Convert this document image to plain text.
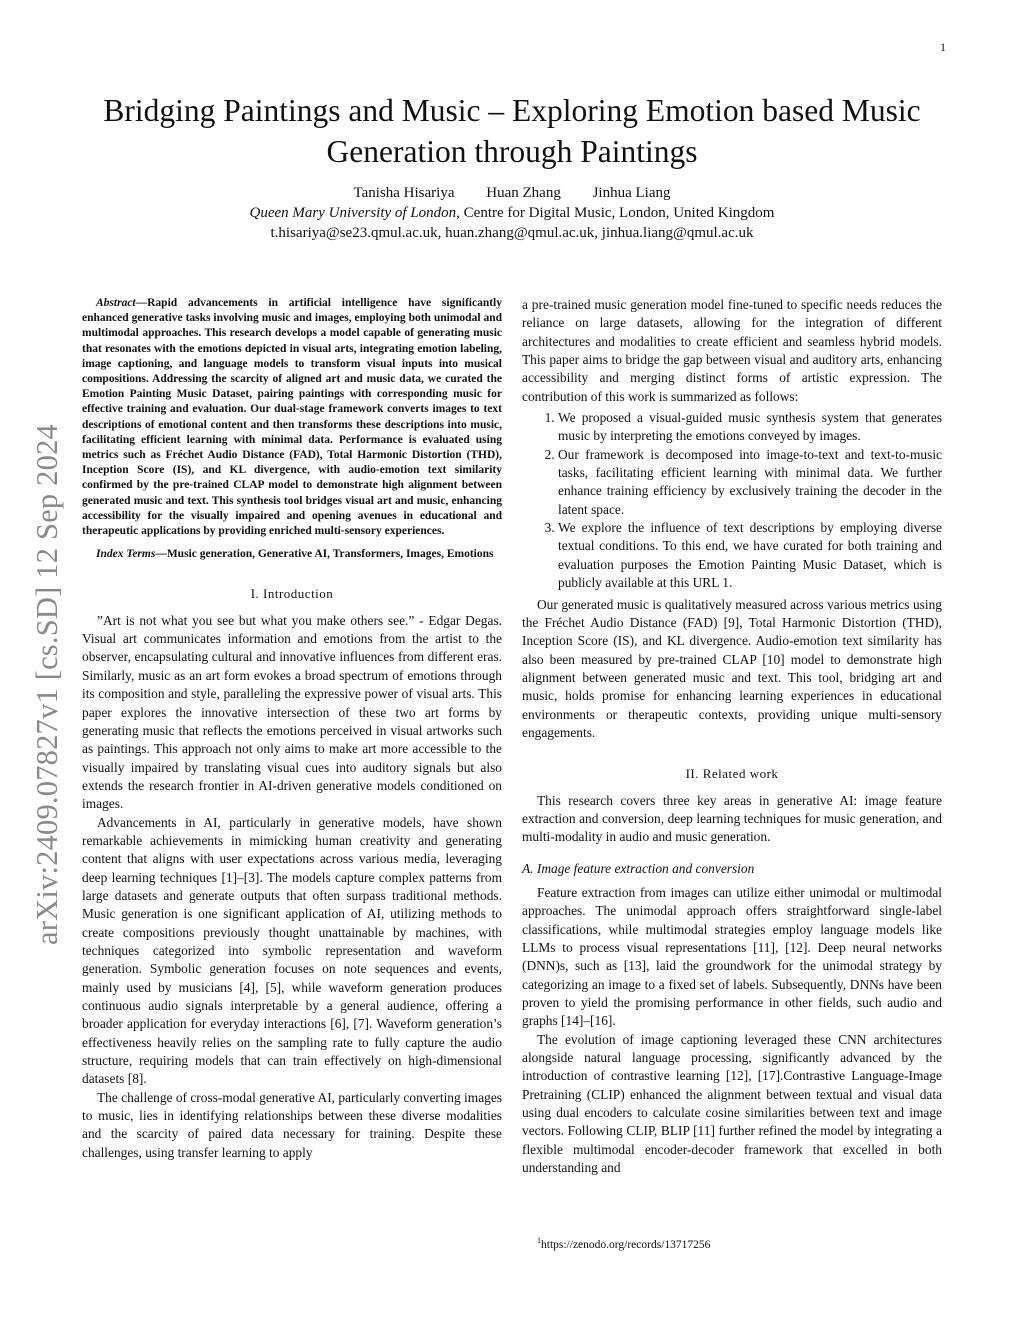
1
arXiv:2409.07827v1 [cs.SD] 12 Sep 2024
Bridging Paintings and Music – Exploring Emotion based Music Generation through Paintings
Tanisha Hisariya Huan Zhang Jinhua Liang
Queen Mary University of London, Centre for Digital Music, London, United Kingdom
t.hisariya@se23.qmul.ac.uk, huan.zhang@qmul.ac.uk, jinhua.liang@qmul.ac.uk

Abstract—Rapid advancements in artificial intelligence have significantly enhanced generative tasks involving music and images, employing both unimodal and multimodal approaches. This research develops a model capable of generating music that resonates with the emotions depicted in visual arts, integrating emotion labeling, image captioning, and language models to transform visual inputs into musical compositions. Addressing the scarcity of aligned art and music data, we curated the Emotion Painting Music Dataset, pairing paintings with corresponding music for effective training and evaluation. Our dual-stage framework converts images to text descriptions of emotional content and then transforms these descriptions into music, facilitating efficient learning with minimal data. Performance is evaluated using metrics such as Fréchet Audio Distance (FAD), Total Harmonic Distortion (THD), Inception Score (IS), and KL divergence, with audio-emotion text similarity confirmed by the pre-trained CLAP model to demonstrate high alignment between generated music and text. This synthesis tool bridges visual art and music, enhancing accessibility for the visually impaired and opening avenues in educational and therapeutic applications by providing enriched multi-sensory experiences.

Index Terms—Music generation, Generative AI, Transformers, Images, Emotions

I. Introduction

”Art is not what you see but what you make others see.” - Edgar Degas. Visual art communicates information and emotions from the artist to the observer, encapsulating cultural and innovative influences from different eras. Similarly, music as an art form evokes a broad spectrum of emotions through its composition and style, paralleling the expressive power of visual arts. This paper explores the innovative intersection of these two art forms by generating music that reflects the emotions perceived in visual artworks such as paintings. This approach not only aims to make art more accessible to the visually impaired by translating visual cues into auditory signals but also extends the research frontier in AI-driven generative models conditioned on images.

Advancements in AI, particularly in generative models, have shown remarkable achievements in mimicking human creativity and generating content that aligns with user expectations across various media, leveraging deep learning techniques [1]–[3]. The models capture complex patterns from large datasets and generate outputs that often surpass traditional methods. Music generation is one significant application of AI, utilizing methods to create compositions previously thought unattainable by machines, with techniques categorized into symbolic representation and waveform generation. Symbolic generation focuses on note sequences and events, mainly used by musicians [4], [5], while waveform generation produces continuous audio signals interpretable by a general audience, offering a broader application for everyday interactions [6], [7]. Waveform generation’s effectiveness heavily relies on the sampling rate to fully capture the audio structure, requiring models that can train effectively on high-dimensional datasets [8].

The challenge of cross-modal generative AI, particularly converting images to music, lies in identifying relationships between these diverse modalities and the scarcity of paired data necessary for training. Despite these challenges, using transfer learning to apply

a pre-trained music generation model fine-tuned to specific needs reduces the reliance on large datasets, allowing for the integration of different architectures and modalities to create efficient and seamless hybrid models. This paper aims to bridge the gap between visual and auditory arts, enhancing accessibility and merging distinct forms of artistic expression. The contribution of this work is summarized as follows:

1. We proposed a visual-guided music synthesis system that generates music by interpreting the emotions conveyed by images.
2. Our framework is decomposed into image-to-text and text-to-music tasks, facilitating efficient learning with minimal data. We further enhance training efficiency by exclusively training the decoder in the latent space.
3. We explore the influence of text descriptions by employing diverse textual conditions. To this end, we have curated for both training and evaluation purposes the Emotion Painting Music Dataset, which is publicly available at this URL 1.

Our generated music is qualitatively measured across various metrics using the Fréchet Audio Distance (FAD) [9], Total Harmonic Distortion (THD), Inception Score (IS), and KL divergence. Audio-emotion text similarity has also been measured by pre-trained CLAP [10] model to demonstrate high alignment between generated music and text. This tool, bridging art and music, holds promise for enhancing learning experiences in educational environments or therapeutic contexts, providing unique multi-sensory engagements.

II. Related work

This research covers three key areas in generative AI: image feature extraction and conversion, deep learning techniques for music generation, and multi-modality in audio and music generation.

A. Image feature extraction and conversion

Feature extraction from images can utilize either unimodal or multimodal approaches. The unimodal approach offers straightforward single-label classifications, while multimodal strategies employ language models like LLMs to process visual representations [11], [12]. Deep neural networks (DNN)s, such as [13], laid the groundwork for the unimodal strategy by categorizing an image to a fixed set of labels. Subsequently, DNNs have been proven to yield the promising performance in other fields, such audio and graphs [14]–[16].

The evolution of image captioning leveraged these CNN architectures alongside natural language processing, significantly advanced by the introduction of contrastive learning [12], [17].Contrastive Language-Image Pretraining (CLIP) enhanced the alignment between textual and visual data using dual encoders to calculate cosine similarities between text and image vectors. Following CLIP, BLIP [11] further refined the model by integrating a flexible multimodal encoder-decoder framework that excelled in both understanding and

$^1$https://zenodo.org/records/13717256
